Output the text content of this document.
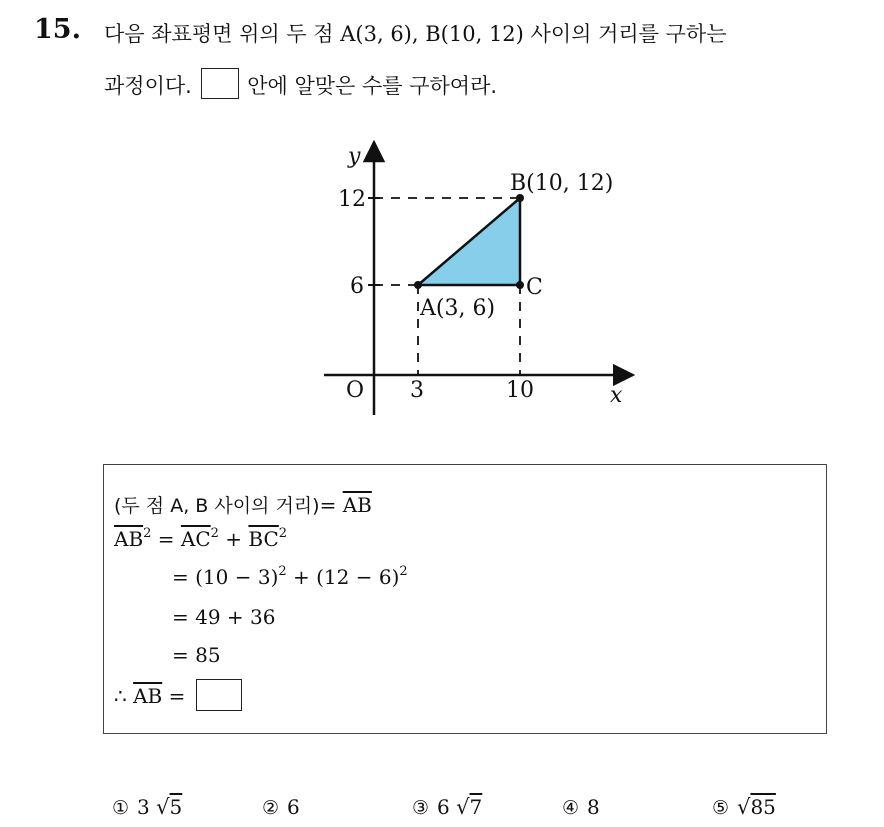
15. 다음 좌표평면 위의 두 점 A(3, 6), B(10, 12) 사이의 거리를 구하는
과정이다.	안에 알맞은 수를 구하여라.
y
12
6
B(10, 12)
C
A(3, 6)
O 3	10	x
(두 점 A, B 사이의 거리)= $\overline{AB}$
$\overline{AB}^2 = \overline{AC}^2 + \overline{BC}^2$
= $(10 - 3)^2 + (12 - 6)^2$
= 49 + 36
= 85
∴ $\overline{AB}$ =
① 3 √5	② 6	③ 6 √7	④ 8	⑤ √85
